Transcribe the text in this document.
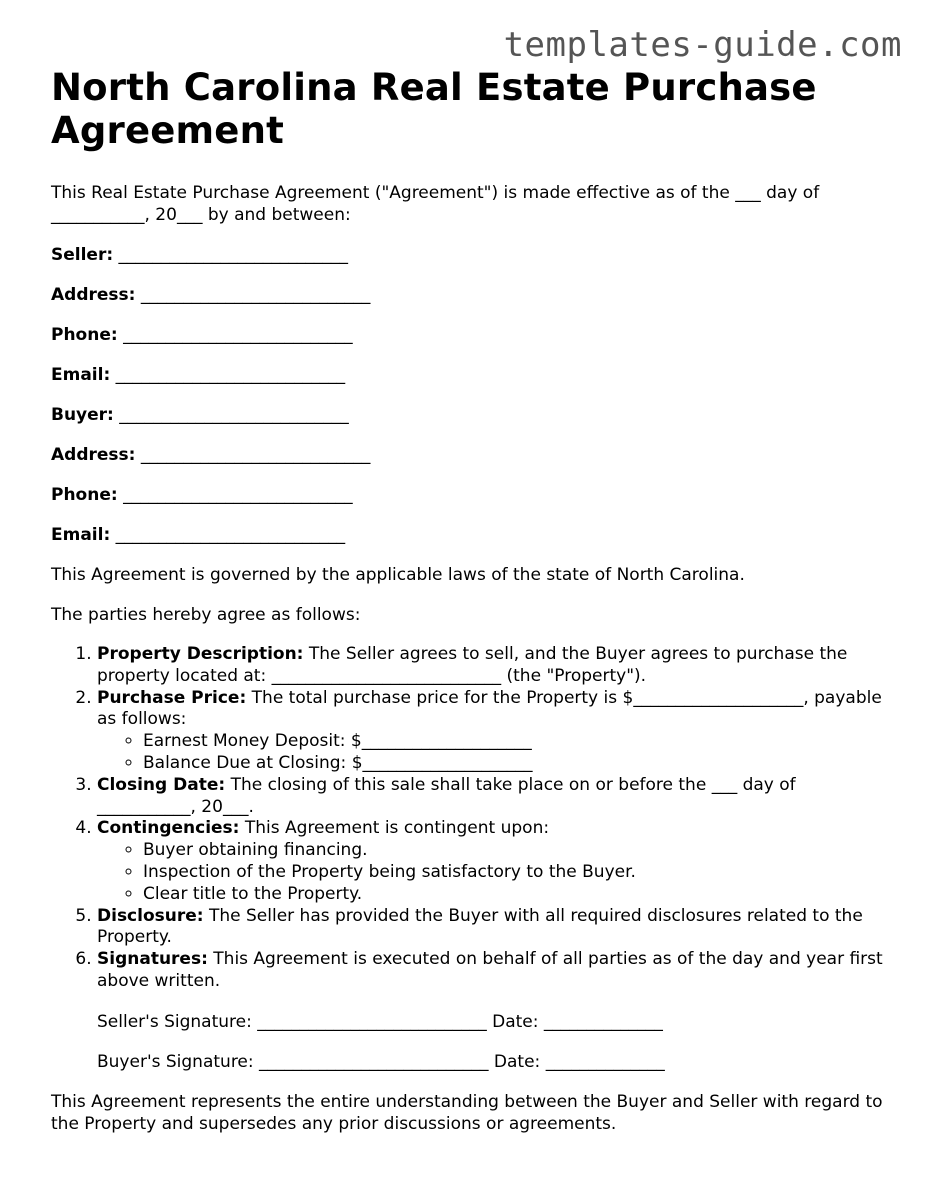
templates-guide.com
North Carolina Real Estate Purchase Agreement

This Real Estate Purchase Agreement ("Agreement") is made effective as of the ___ day of ___________, 20___ by and between:

Seller: ___________________________

Address: ___________________________

Phone: ___________________________

Email: ___________________________

Buyer: ___________________________

Address: ___________________________

Phone: ___________________________

Email: ___________________________

This Agreement is governed by the applicable laws of the state of North Carolina.

The parties hereby agree as follows:

1. Property Description: The Seller agrees to sell, and the Buyer agrees to purchase the property located at: ___________________________ (the "Property").
2. Purchase Price: The total purchase price for the Property is $____________________, payable as follows:
◦ Earnest Money Deposit: $____________________
◦ Balance Due at Closing: $____________________
3. Closing Date: The closing of this sale shall take place on or before the ___ day of ___________, 20___.
4. Contingencies: This Agreement is contingent upon:
◦ Buyer obtaining financing.
◦ Inspection of the Property being satisfactory to the Buyer.
◦ Clear title to the Property.
5. Disclosure: The Seller has provided the Buyer with all required disclosures related to the Property.
6. Signatures: This Agreement is executed on behalf of all parties as of the day and year first above written.

Seller's Signature: ___________________________ Date: ______________

Buyer's Signature: ___________________________ Date: ______________

This Agreement represents the entire understanding between the Buyer and Seller with regard to the Property and supersedes any prior discussions or agreements.
